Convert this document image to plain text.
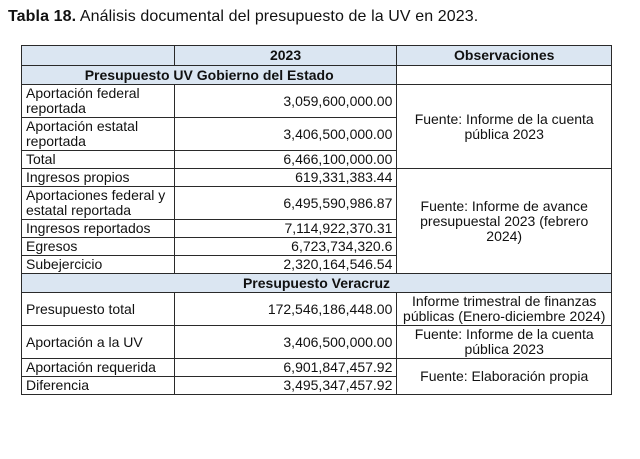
Tabla 18. Análisis documental del presupuesto de la UV en 2023.
	2023	Observaciones
Presupuesto UV Gobierno del Estado		
Aportación federal reportada	3,059,600,000.00	Fuente: Informe de la cuenta pública 2023
Aportación estatal reportada	3,406,500,000.00	
Total	6,466,100,000.00	
Ingresos propios	619,331,383.44	Fuente: Informe de avance presupuestal 2023 (febrero 2024)
Aportaciones federal y estatal reportada	6,495,590,986.87	
Ingresos reportados	7,114,922,370.31	
Egresos	6,723,734,320.6	
Subejercicio	2,320,164,546.54	
Presupuesto Veracruz		
Presupuesto total	172,546,186,448.00	Informe trimestral de finanzas públicas (Enero-diciembre 2024)
Aportación a la UV	3,406,500,000.00	Fuente: Informe de la cuenta pública 2023
Aportación requerida	6,901,847,457.92	Fuente: Elaboración propia
Diferencia	3,495,347,457.92	
